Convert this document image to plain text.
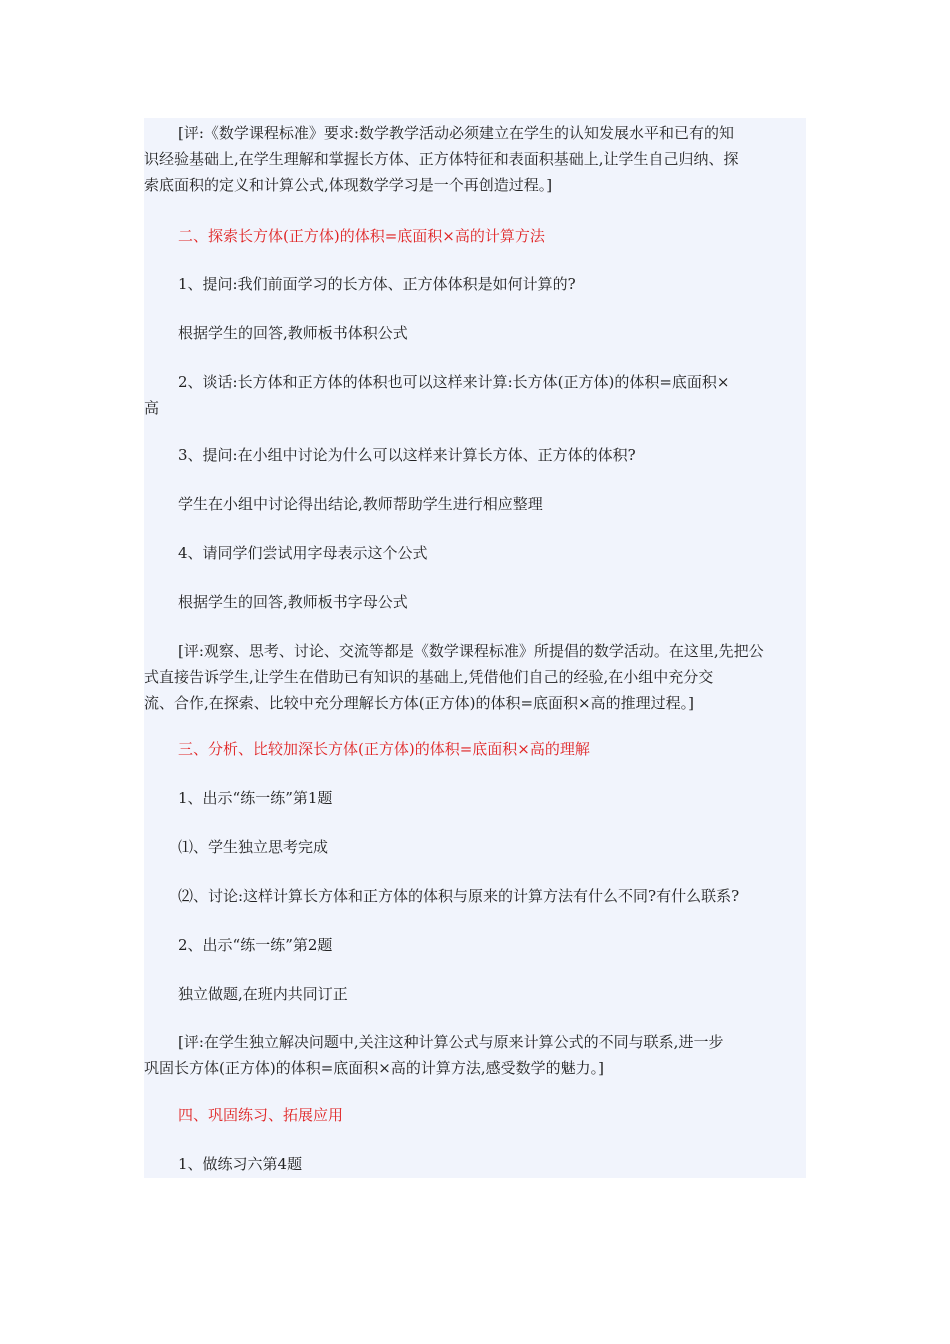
[评:《数学课程标准》要求:数学教学活动必须建立在学生的认知发展水平和已有的知
识经验基础上,在学生理解和掌握长方体、正方体特征和表面积基础上,让学生自己归纳、探
索底面积的定义和计算公式,体现数学学习是一个再创造过程。]

二、探索长方体(正方体)的体积=底面积×高的计算方法

1、提问:我们前面学习的长方体、正方体体积是如何计算的?

根据学生的回答,教师板书体积公式

2、谈话:长方体和正方体的体积也可以这样来计算:长方体(正方体)的体积=底面积×
高

3、提问:在小组中讨论为什么可以这样来计算长方体、正方体的体积?

学生在小组中讨论得出结论,教师帮助学生进行相应整理

4、请同学们尝试用字母表示这个公式

根据学生的回答,教师板书字母公式

[评:观察、思考、讨论、交流等都是《数学课程标准》所提倡的数学活动。在这里,先把公
式直接告诉学生,让学生在借助已有知识的基础上,凭借他们自己的经验,在小组中充分交
流、合作,在探索、比较中充分理解长方体(正方体)的体积=底面积×高的推理过程。]

三、分析、比较加深长方体(正方体)的体积=底面积×高的理解

1、出示“练一练”第1题

⑴、学生独立思考完成

⑵、讨论:这样计算长方体和正方体的体积与原来的计算方法有什么不同?有什么联系?

2、出示“练一练”第2题

独立做题,在班内共同订正

[评:在学生独立解决问题中,关注这种计算公式与原来计算公式的不同与联系,进一步
巩固长方体(正方体)的体积=底面积×高的计算方法,感受数学的魅力。]

四、巩固练习、拓展应用

1、做练习六第4题
